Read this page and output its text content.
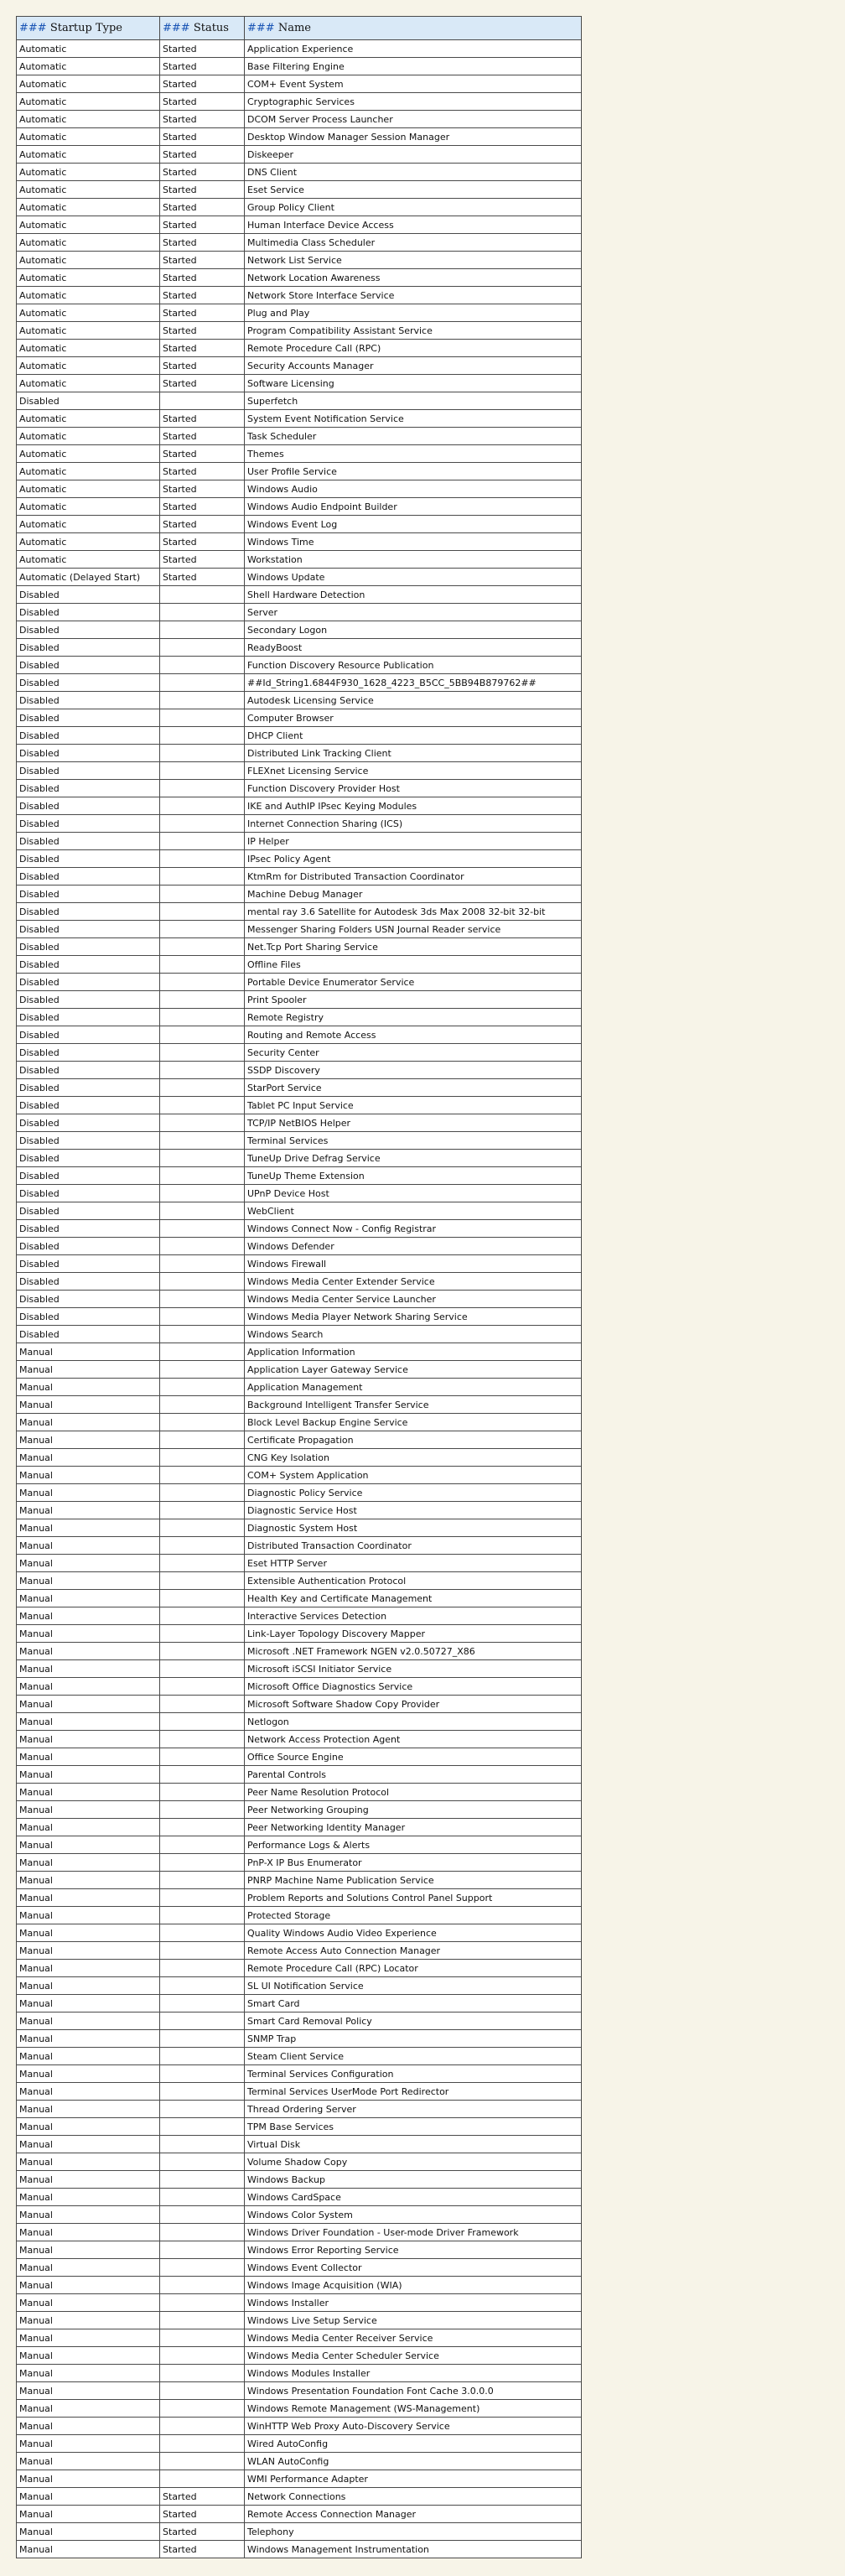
### Startup Type	### Status	### Name
Automatic	Started	Application Experience
Automatic	Started	Base Filtering Engine
Automatic	Started	COM+ Event System
Automatic	Started	Cryptographic Services
Automatic	Started	DCOM Server Process Launcher
Automatic	Started	Desktop Window Manager Session Manager
Automatic	Started	Diskeeper
Automatic	Started	DNS Client
Automatic	Started	Eset Service
Automatic	Started	Group Policy Client
Automatic	Started	Human Interface Device Access
Automatic	Started	Multimedia Class Scheduler
Automatic	Started	Network List Service
Automatic	Started	Network Location Awareness
Automatic	Started	Network Store Interface Service
Automatic	Started	Plug and Play
Automatic	Started	Program Compatibility Assistant Service
Automatic	Started	Remote Procedure Call (RPC)
Automatic	Started	Security Accounts Manager
Automatic	Started	Software Licensing
Disabled		Superfetch
Automatic	Started	System Event Notification Service
Automatic	Started	Task Scheduler
Automatic	Started	Themes
Automatic	Started	User Profile Service
Automatic	Started	Windows Audio
Automatic	Started	Windows Audio Endpoint Builder
Automatic	Started	Windows Event Log
Automatic	Started	Windows Time
Automatic	Started	Workstation
Automatic (Delayed Start)	Started	Windows Update
Disabled		Shell Hardware Detection
Disabled		Server
Disabled		Secondary Logon
Disabled		ReadyBoost
Disabled		Function Discovery Resource Publication
Disabled		##Id_String1.6844F930_1628_4223_B5CC_5BB94B879762##
Disabled		Autodesk Licensing Service
Disabled		Computer Browser
Disabled		DHCP Client
Disabled		Distributed Link Tracking Client
Disabled		FLEXnet Licensing Service
Disabled		Function Discovery Provider Host
Disabled		IKE and AuthIP IPsec Keying Modules
Disabled		Internet Connection Sharing (ICS)
Disabled		IP Helper
Disabled		IPsec Policy Agent
Disabled		KtmRm for Distributed Transaction Coordinator
Disabled		Machine Debug Manager
Disabled		mental ray 3.6 Satellite for Autodesk 3ds Max 2008 32-bit 32-bit
Disabled		Messenger Sharing Folders USN Journal Reader service
Disabled		Net.Tcp Port Sharing Service
Disabled		Offline Files
Disabled		Portable Device Enumerator Service
Disabled		Print Spooler
Disabled		Remote Registry
Disabled		Routing and Remote Access
Disabled		Security Center
Disabled		SSDP Discovery
Disabled		StarPort Service
Disabled		Tablet PC Input Service
Disabled		TCP/IP NetBIOS Helper
Disabled		Terminal Services
Disabled		TuneUp Drive Defrag Service
Disabled		TuneUp Theme Extension
Disabled		UPnP Device Host
Disabled		WebClient
Disabled		Windows Connect Now - Config Registrar
Disabled		Windows Defender
Disabled		Windows Firewall
Disabled		Windows Media Center Extender Service
Disabled		Windows Media Center Service Launcher
Disabled		Windows Media Player Network Sharing Service
Disabled		Windows Search
Manual		Application Information
Manual		Application Layer Gateway Service
Manual		Application Management
Manual		Background Intelligent Transfer Service
Manual		Block Level Backup Engine Service
Manual		Certificate Propagation
Manual		CNG Key Isolation
Manual		COM+ System Application
Manual		Diagnostic Policy Service
Manual		Diagnostic Service Host
Manual		Diagnostic System Host
Manual		Distributed Transaction Coordinator
Manual		Eset HTTP Server
Manual		Extensible Authentication Protocol
Manual		Health Key and Certificate Management
Manual		Interactive Services Detection
Manual		Link-Layer Topology Discovery Mapper
Manual		Microsoft .NET Framework NGEN v2.0.50727_X86
Manual		Microsoft iSCSI Initiator Service
Manual		Microsoft Office Diagnostics Service
Manual		Microsoft Software Shadow Copy Provider
Manual		Netlogon
Manual		Network Access Protection Agent
Manual		Office Source Engine
Manual		Parental Controls
Manual		Peer Name Resolution Protocol
Manual		Peer Networking Grouping
Manual		Peer Networking Identity Manager
Manual		Performance Logs & Alerts
Manual		PnP-X IP Bus Enumerator
Manual		PNRP Machine Name Publication Service
Manual		Problem Reports and Solutions Control Panel Support
Manual		Protected Storage
Manual		Quality Windows Audio Video Experience
Manual		Remote Access Auto Connection Manager
Manual		Remote Procedure Call (RPC) Locator
Manual		SL UI Notification Service
Manual		Smart Card
Manual		Smart Card Removal Policy
Manual		SNMP Trap
Manual		Steam Client Service
Manual		Terminal Services Configuration
Manual		Terminal Services UserMode Port Redirector
Manual		Thread Ordering Server
Manual		TPM Base Services
Manual		Virtual Disk
Manual		Volume Shadow Copy
Manual		Windows Backup
Manual		Windows CardSpace
Manual		Windows Color System
Manual		Windows Driver Foundation - User-mode Driver Framework
Manual		Windows Error Reporting Service
Manual		Windows Event Collector
Manual		Windows Image Acquisition (WIA)
Manual		Windows Installer
Manual		Windows Live Setup Service
Manual		Windows Media Center Receiver Service
Manual		Windows Media Center Scheduler Service
Manual		Windows Modules Installer
Manual		Windows Presentation Foundation Font Cache 3.0.0.0
Manual		Windows Remote Management (WS-Management)
Manual		WinHTTP Web Proxy Auto-Discovery Service
Manual		Wired AutoConfig
Manual		WLAN AutoConfig
Manual		WMI Performance Adapter
Manual	Started	Network Connections
Manual	Started	Remote Access Connection Manager
Manual	Started	Telephony
Manual	Started	Windows Management Instrumentation
